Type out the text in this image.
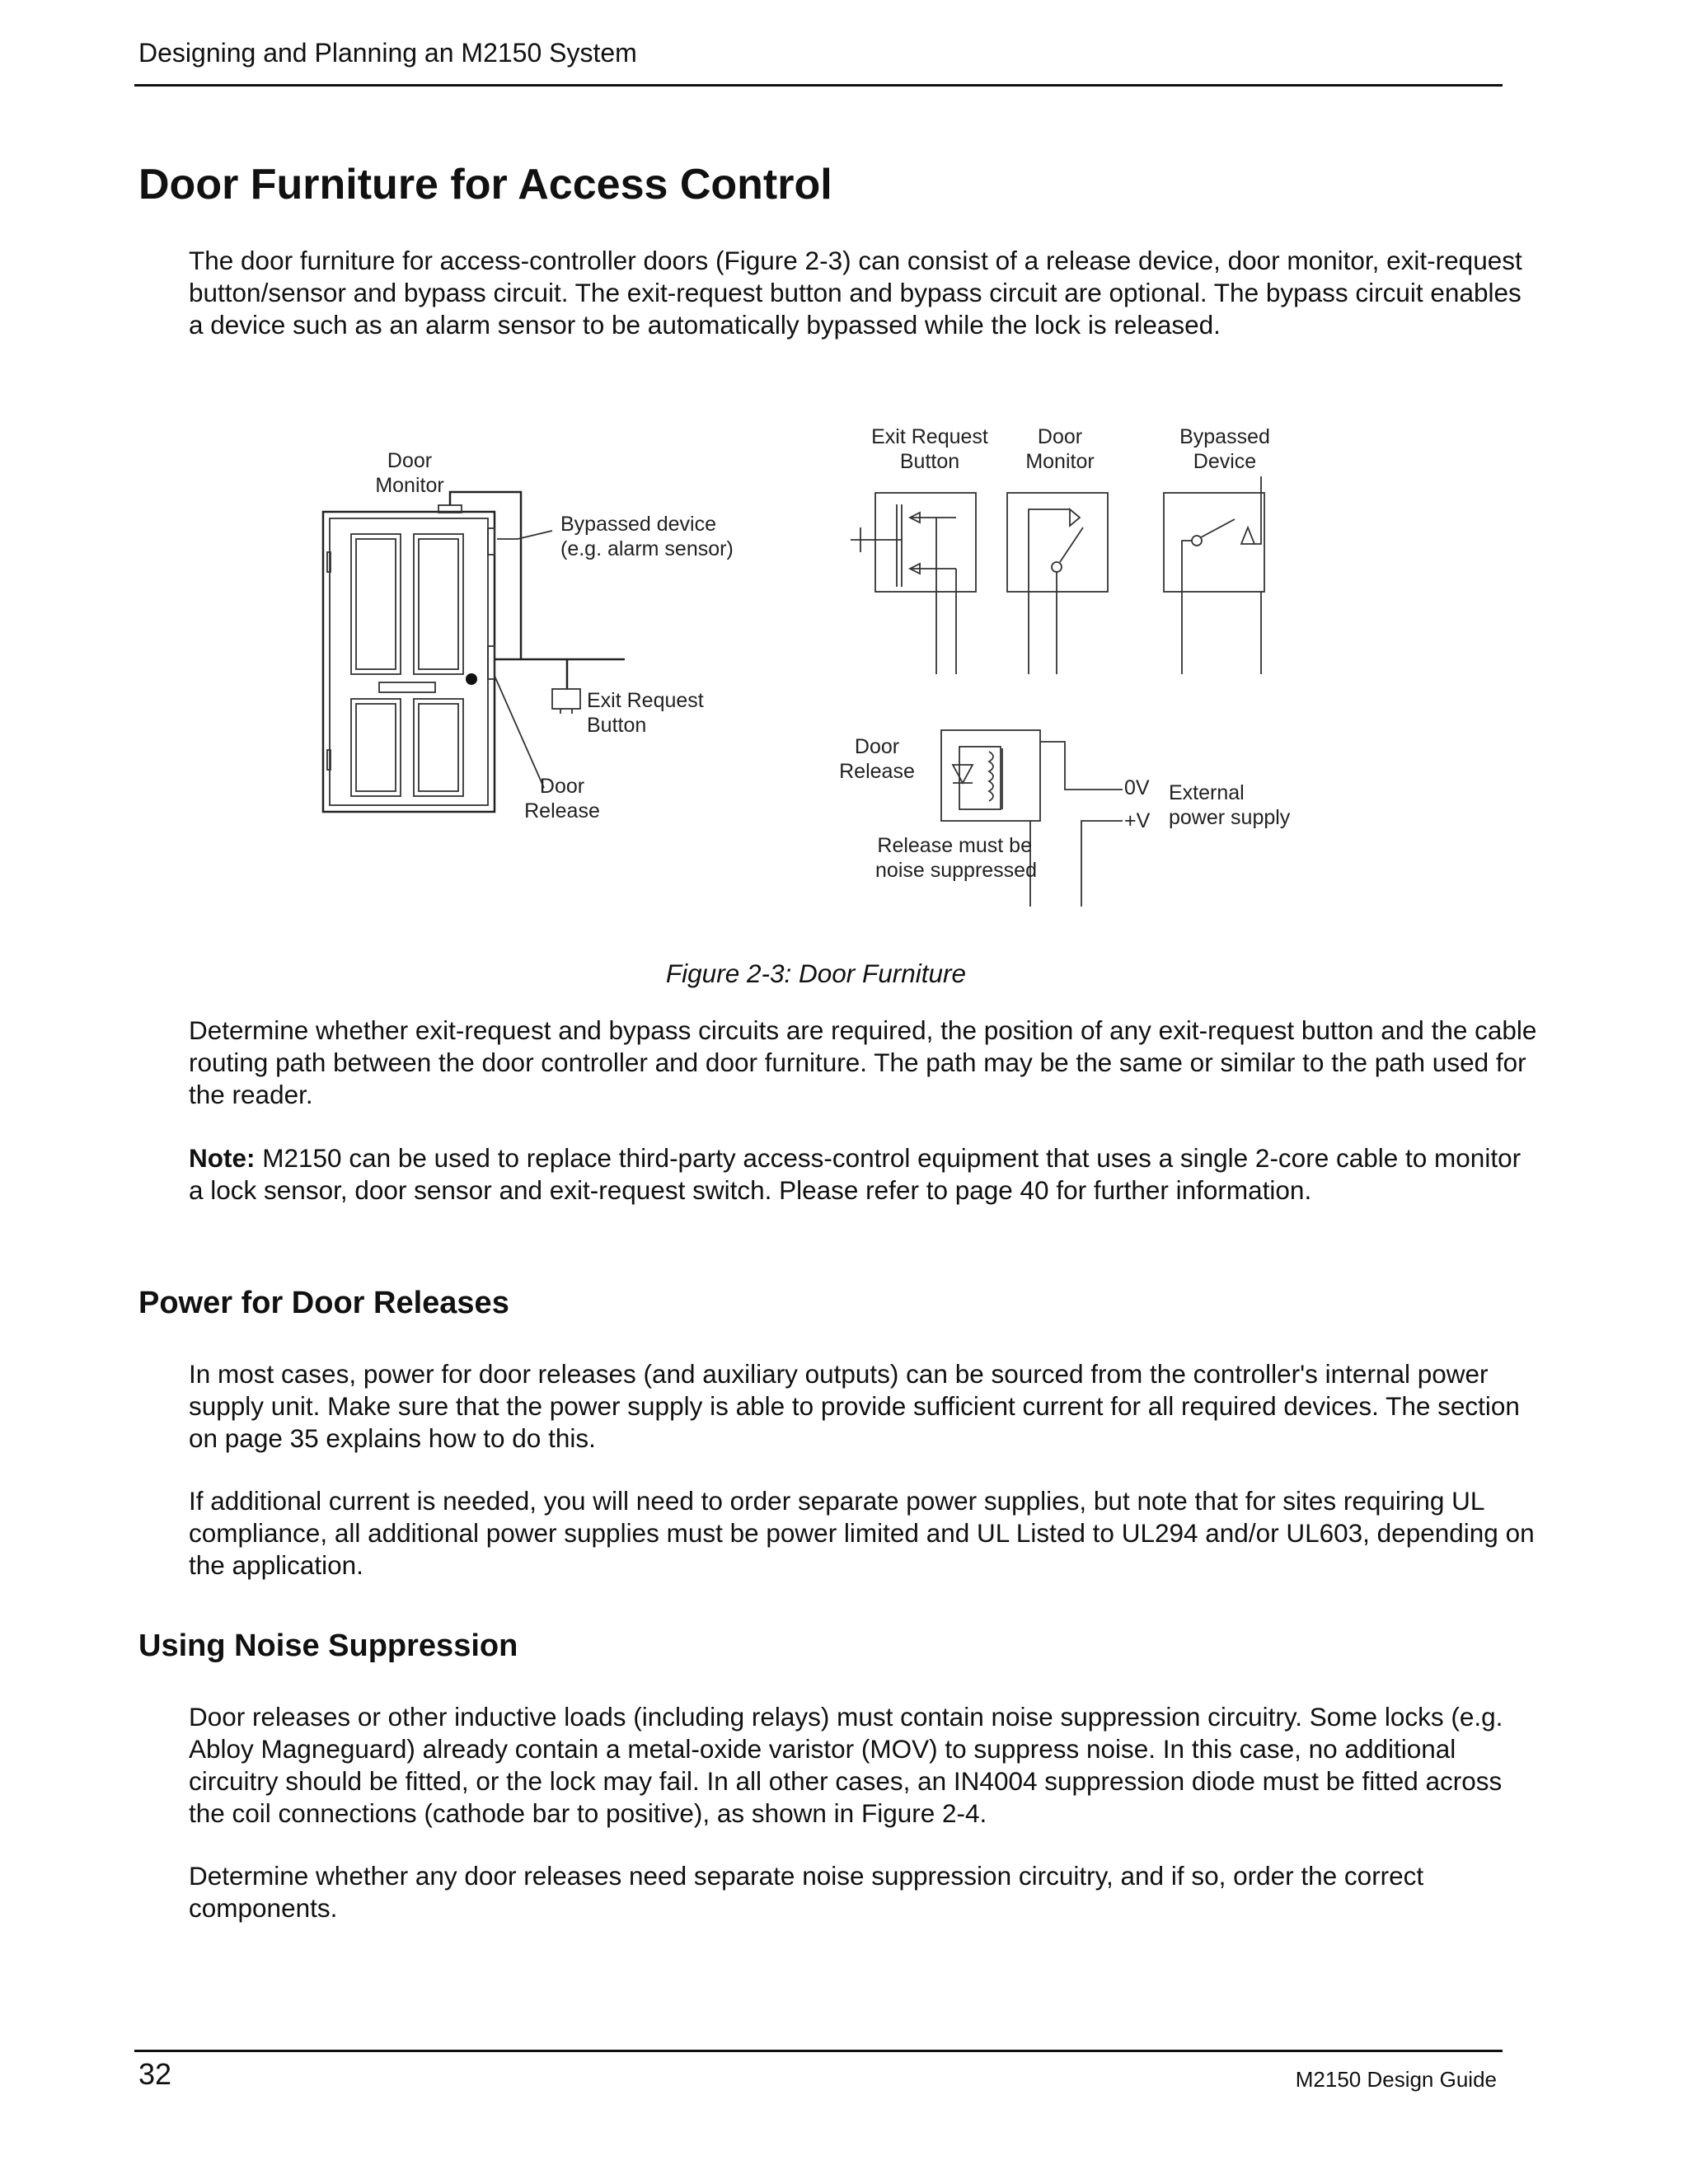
Designing and Planning an M2150 System
Door Furniture for Access Control

The door furniture for access-controller doors (Figure 2-3) can consist of a release device, door monitor, exit-request button/sensor and bypass circuit. The exit-request button and bypass circuit are optional. The bypass circuit enables a device such as an alarm sensor to be automatically bypassed while the lock is released.

Door
Monitor
Bypassed device
(e.g. alarm sensor)
Exit Request
Button
Door
Release
Exit Request
Button
Door
Monitor
Bypassed
Device
Door
Release
0V
+V
External
power supply
Release must be
noise suppressed
Figure 2-3: Door Furniture

Determine whether exit-request and bypass circuits are required, the position of any exit-request button and the cable routing path between the door controller and door furniture. The path may be the same or similar to the path used for the reader.

Note: M2150 can be used to replace third-party access-control equipment that uses a single 2-core cable to monitor a lock sensor, door sensor and exit-request switch. Please refer to page 40 for further information.

Power for Door Releases

In most cases, power for door releases (and auxiliary outputs) can be sourced from the controller's internal power supply unit. Make sure that the power supply is able to provide sufficient current for all required devices. The section on page 35 explains how to do this.

If additional current is needed, you will need to order separate power supplies, but note that for sites requiring UL compliance, all additional power supplies must be power limited and UL Listed to UL294 and/or UL603, depending on the application.

Using Noise Suppression

Door releases or other inductive loads (including relays) must contain noise suppression circuitry. Some locks (e.g. Abloy Magneguard) already contain a metal-oxide varistor (MOV) to suppress noise. In this case, no additional circuitry should be fitted, or the lock may fail. In all other cases, an IN4004 suppression diode must be fitted across the coil connections (cathode bar to positive), as shown in Figure 2-4.

Determine whether any door releases need separate noise suppression circuitry, and if so, order the correct components.

32	M2150 Design Guide
